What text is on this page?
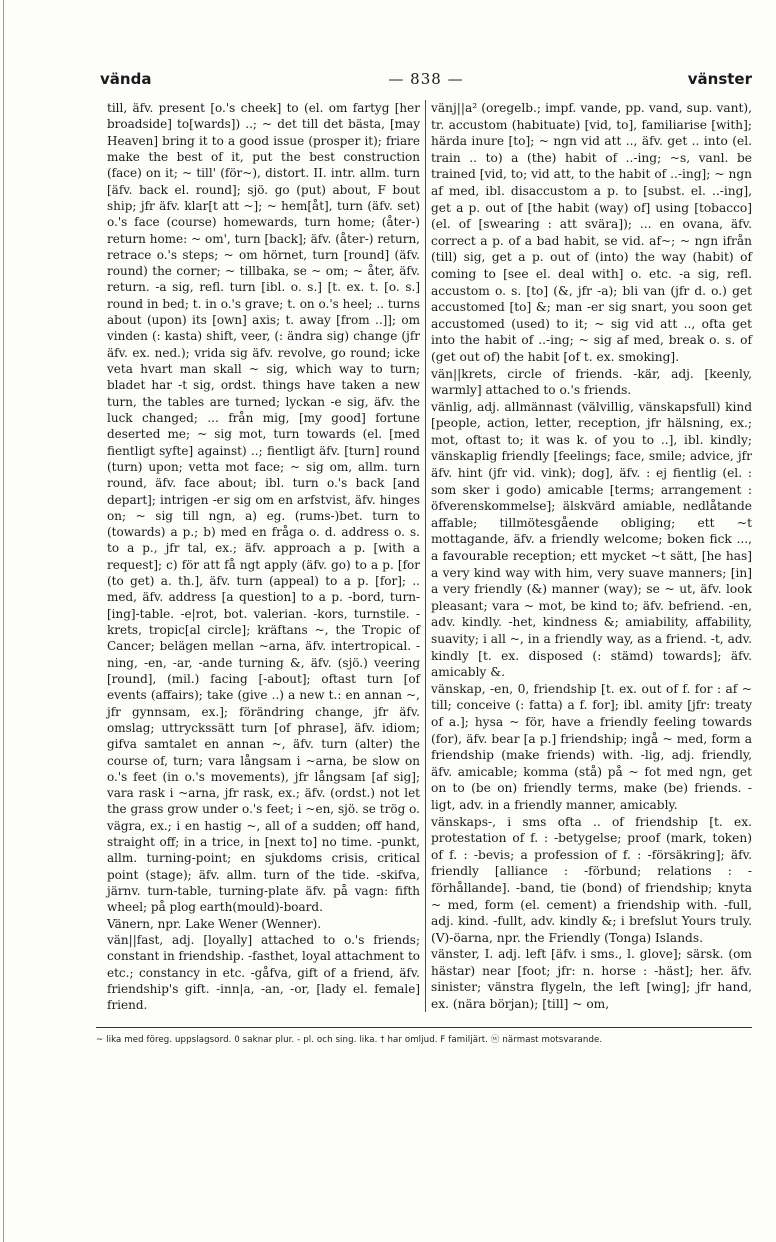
vända	— 838 —	vänster

till, äfv. present [o.'s cheek] to (el. om fartyg [her broadside] to[wards]) ..; ~ det till det bästa, [may Heaven] bring it to a good issue (prosper it); friare make the best of it, put the best construction (face) on it; ~ till' (för~), distort. II. intr. allm. turn [äfv. back el. round]; sjö. go (put) about, F bout ship; jfr äfv. klar[t att ~]; ~ hem[åt], turn (äfv. set) o.'s face (course) homewards, turn home; (åter-) return home: ~ om', turn [back]; äfv. (åter-) return, retrace o.'s steps; ~ om hörnet, turn [round] (äfv. round) the corner; ~ tillbaka, se ~ om; ~ åter, äfv. return. -a sig, refl. turn [ibl. o. s.] [t. ex. t. [o. s.] round in bed; t. in o.'s grave; t. on o.'s heel; .. turns about (upon) its [own] axis; t. away [from ..]]; om vinden (: kasta) shift, veer, (: ändra sig) change (jfr äfv. ex. ned.); vrida sig äfv. revolve, go round; icke veta hvart man skall ~ sig, which way to turn; bladet har -t sig, ordst. things have taken a new turn, the tables are turned; lyckan -e sig, äfv. the luck changed; ... från mig, [my good] fortune deserted me; ~ sig mot, turn towards (el. [med fientligt syfte] against) ..; fientligt äfv. [turn] round (turn) upon; vetta mot face; ~ sig om, allm. turn round, äfv. face about; ibl. turn o.'s back [and depart]; intrigen -er sig om en arfstvist, äfv. hinges on; ~ sig till ngn, a) eg. (rums-)bet. turn to (towards) a p.; b) med en fråga o. d. address o. s. to a p., jfr tal, ex.; äfv. approach a p. [with a request]; c) för att få ngt apply (äfv. go) to a p. [for (to get) a. th.], äfv. turn (appeal) to a p. [for]; .. med, äfv. address [a question] to a p. -bord, turn-[ing]-table. -e|rot, bot. valerian. -kors, turnstile. -krets, tropic[al circle]; kräftans ~, the Tropic of Cancer; belägen mellan ~arna, äfv. intertropical. -ning, -en, -ar, -ande turning &, äfv. (sjö.) veering [round], (mil.) facing [-about]; oftast turn [of events (affairs); take (give ..) a new t.: en annan ~, jfr gynnsam, ex.]; förändring change, jfr äfv. omslag; uttryckssätt turn [of phrase], äfv. idiom; gifva samtalet en annan ~, äfv. turn (alter) the course of, turn; vara långsam i ~arna, be slow on o.'s feet (in o.'s movements), jfr långsam [af sig]; vara rask i ~arna, jfr rask, ex.; äfv. (ordst.) not let the grass grow under o.'s feet; i ~en, sjö. se trög o. vägra, ex.; i en hastig ~, all of a sudden; off hand, straight off; in a trice, in [next to] no time. -punkt, allm. turning-point; en sjukdoms crisis, critical point (stage); äfv. allm. turn of the tide. -skifva, järnv. turn-table, turning-plate äfv. på vagn: fifth wheel; på plog earth(mould)-board.

Vänern, npr. Lake Wener (Wenner).

vän||fast, adj. [loyally] attached to o.'s friends; constant in friendship. -fasthet, loyal attachment to etc.; constancy in etc. -gåfva, gift of a friend, äfv. friendship's gift. -inn|a, -an, -or, [lady el. female] friend.

vänj||a² (oregelb.; impf. vande, pp. vand, sup. vant), tr. accustom (habituate) [vid, to], familiarise [with]; härda inure [to]; ~ ngn vid att .., äfv. get .. into (el. train .. to) a (the) habit of ..-ing; ~s, vanl. be trained [vid, to; vid att, to the habit of ..-ing]; ~ ngn af med, ibl. disaccustom a p. to [subst. el. ..-ing], get a p. out of [the habit (way) of] using [tobacco] (el. of [swearing : att svära]); ... en ovana, äfv. correct a p. of a bad habit, se vid. af~; ~ ngn ifrån (till) sig, get a p. out of (into) the way (habit) of coming to [see el. deal with] o. etc. -a sig, refl. accustom o. s. [to] (&, jfr -a); bli van (jfr d. o.) get accustomed [to] &; man -er sig snart, you soon get accustomed (used) to it; ~ sig vid att .., ofta get into the habit of ..-ing; ~ sig af med, break o. s. of (get out of) the habit [of t. ex. smoking].

vän||krets, circle of friends. -kär, adj. [keenly, warmly] attached to o.'s friends.

vänlig, adj. allmännast (välvillig, vänskapsfull) kind [people, action, letter, reception, jfr hälsning, ex.; mot, oftast to; it was k. of you to ..], ibl. kindly; vänskaplig friendly [feelings; face, smile; advice, jfr äfv. hint (jfr vid. vink); dog], äfv. : ej fientlig (el. : som sker i godo) amicable [terms; arrangement : öfverenskommelse]; älskvärd amiable, nedlåtande affable; tillmötesgående obliging; ett ~t mottagande, äfv. a friendly welcome; boken fick ..., a favourable reception; ett mycket ~t sätt, [he has] a very kind way with him, very suave manners; [in] a very friendly (&) manner (way); se ~ ut, äfv. look pleasant; vara ~ mot, be kind to; äfv. befriend. -en, adv. kindly. -het, kindness &; amiability, affability, suavity; i all ~, in a friendly way, as a friend. -t, adv. kindly [t. ex. disposed (: stämd) towards]; äfv. amicably &.

vänskap, -en, 0, friendship [t. ex. out of f. for : af ~ till; conceive (: fatta) a f. for]; ibl. amity [jfr: treaty of a.]; hysa ~ för, have a friendly feeling towards (for), äfv. bear [a p.] friendship; ingå ~ med, form a friendship (make friends) with. -lig, adj. friendly, äfv. amicable; komma (stå) på ~ fot med ngn, get on to (be on) friendly terms, make (be) friends. -ligt, adv. in a friendly manner, amicably.

vänskaps-, i sms ofta .. of friendship [t. ex. protestation of f. : -betygelse; proof (mark, token) of f. : -bevis; a profession of f. : -försäkring]; äfv. friendly [alliance : -förbund; relations : -förhållande]. -band, tie (bond) of friendship; knyta ~ med, form (el. cement) a friendship with. -full, adj. kind. -fullt, adv. kindly &; i brefslut Yours truly. (V)-öarna, npr. the Friendly (Tonga) Islands.

vänster, I. adj. left [äfv. i sms., l. glove]; särsk. (om hästar) near [foot; jfr: n. horse : -häst]; her. äfv. sinister; vänstra flygeln, the left [wing]; jfr hand, ex. (nära början); [till] ~ om,

~ lika med föreg. uppslagsord. 0 saknar plur. - pl. och sing. lika. † har omljud. F familjärt. ⓦ närmast motsvarande.
